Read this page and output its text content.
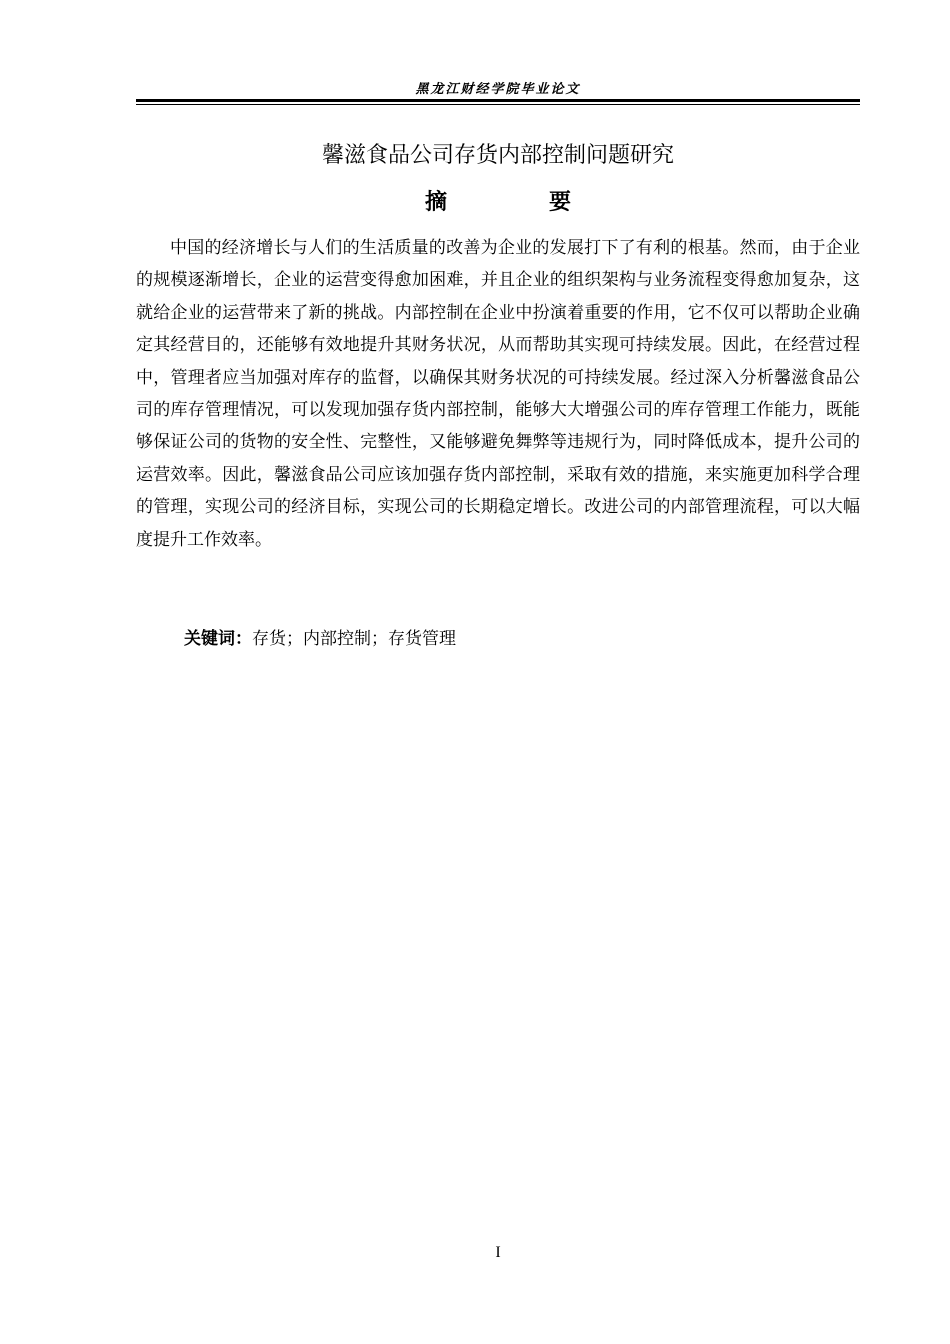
黑龙江财经学院毕业论文
馨滋食品公司存货内部控制问题研究
摘　要

中国的经济增长与人们的生活质量的改善为企业的发展打下了有利的根基。然而，由于企业的规模逐渐增长，企业的运营变得愈加困难，并且企业的组织架构与业务流程变得愈加复杂，这就给企业的运营带来了新的挑战。内部控制在企业中扮演着重要的作用，它不仅可以帮助企业确定其经营目的，还能够有效地提升其财务状况，从而帮助其实现可持续发展。因此，在经营过程中，管理者应当加强对库存的监督，以确保其财务状况的可持续发展。经过深入分析馨滋食品公司的库存管理情况，可以发现加强存货内部控制，能够大大增强公司的库存管理工作能力，既能够保证公司的货物的安全性、完整性，又能够避免舞弊等违规行为，同时降低成本，提升公司的运营效率。因此，馨滋食品公司应该加强存货内部控制，采取有效的措施，来实施更加科学合理的管理，实现公司的经济目标，实现公司的长期稳定增长。改进公司的内部管理流程，可以大幅度提升工作效率。

关键词：存货；内部控制；存货管理
I
